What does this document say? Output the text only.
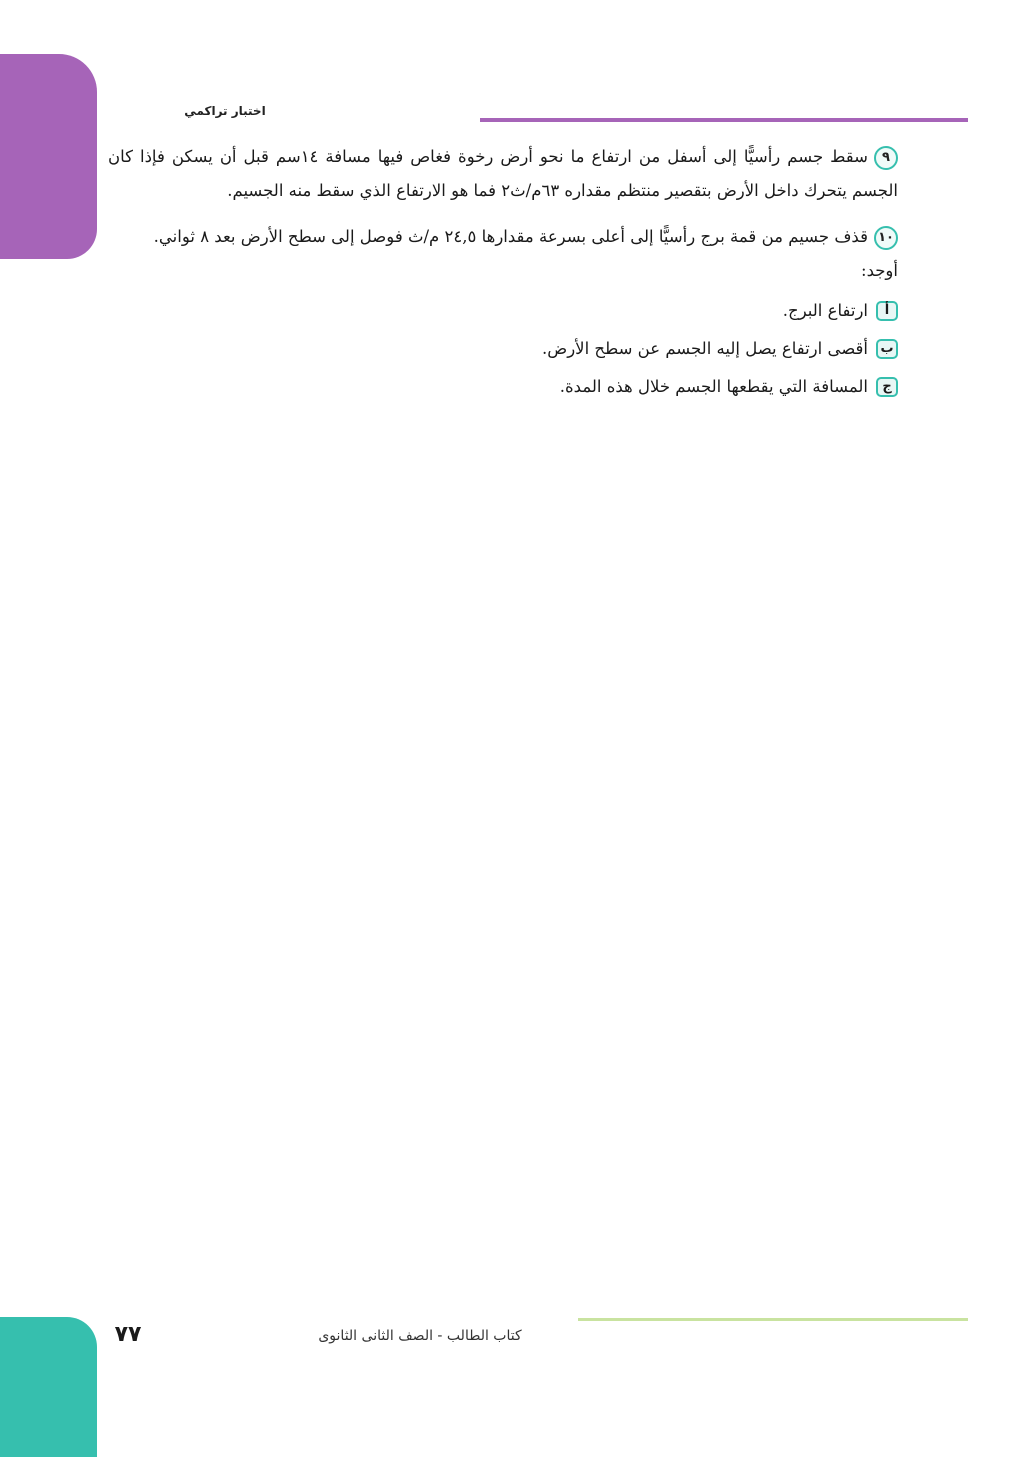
اختبار تراكمي
٩سقط جسم رأسيًّا إلى أسفل من ارتفاع ما نحو أرض رخوة فغاص فيها مسافة ١٤سم قبل أن يسكن فإذا كان الجسم يتحرك داخل الأرض بتقصير منتظم مقداره ٦٣م/ث٢ فما هو الارتفاع الذي سقط منه الجسيم.
١٠قذف جسيم من قمة برج رأسيًّا إلى أعلى بسرعة مقدارها ٢٤,٥ م/ث فوصل إلى سطح الأرض بعد ٨ ثواني.
أوجد:
أ
ارتفاع البرج.
ب
أقصى ارتفاع يصل إليه الجسم عن سطح الأرض.
ج
المسافة التي يقطعها الجسم خلال هذه المدة.
كتاب الطالب - الصف الثانى الثانوى
٧٧
